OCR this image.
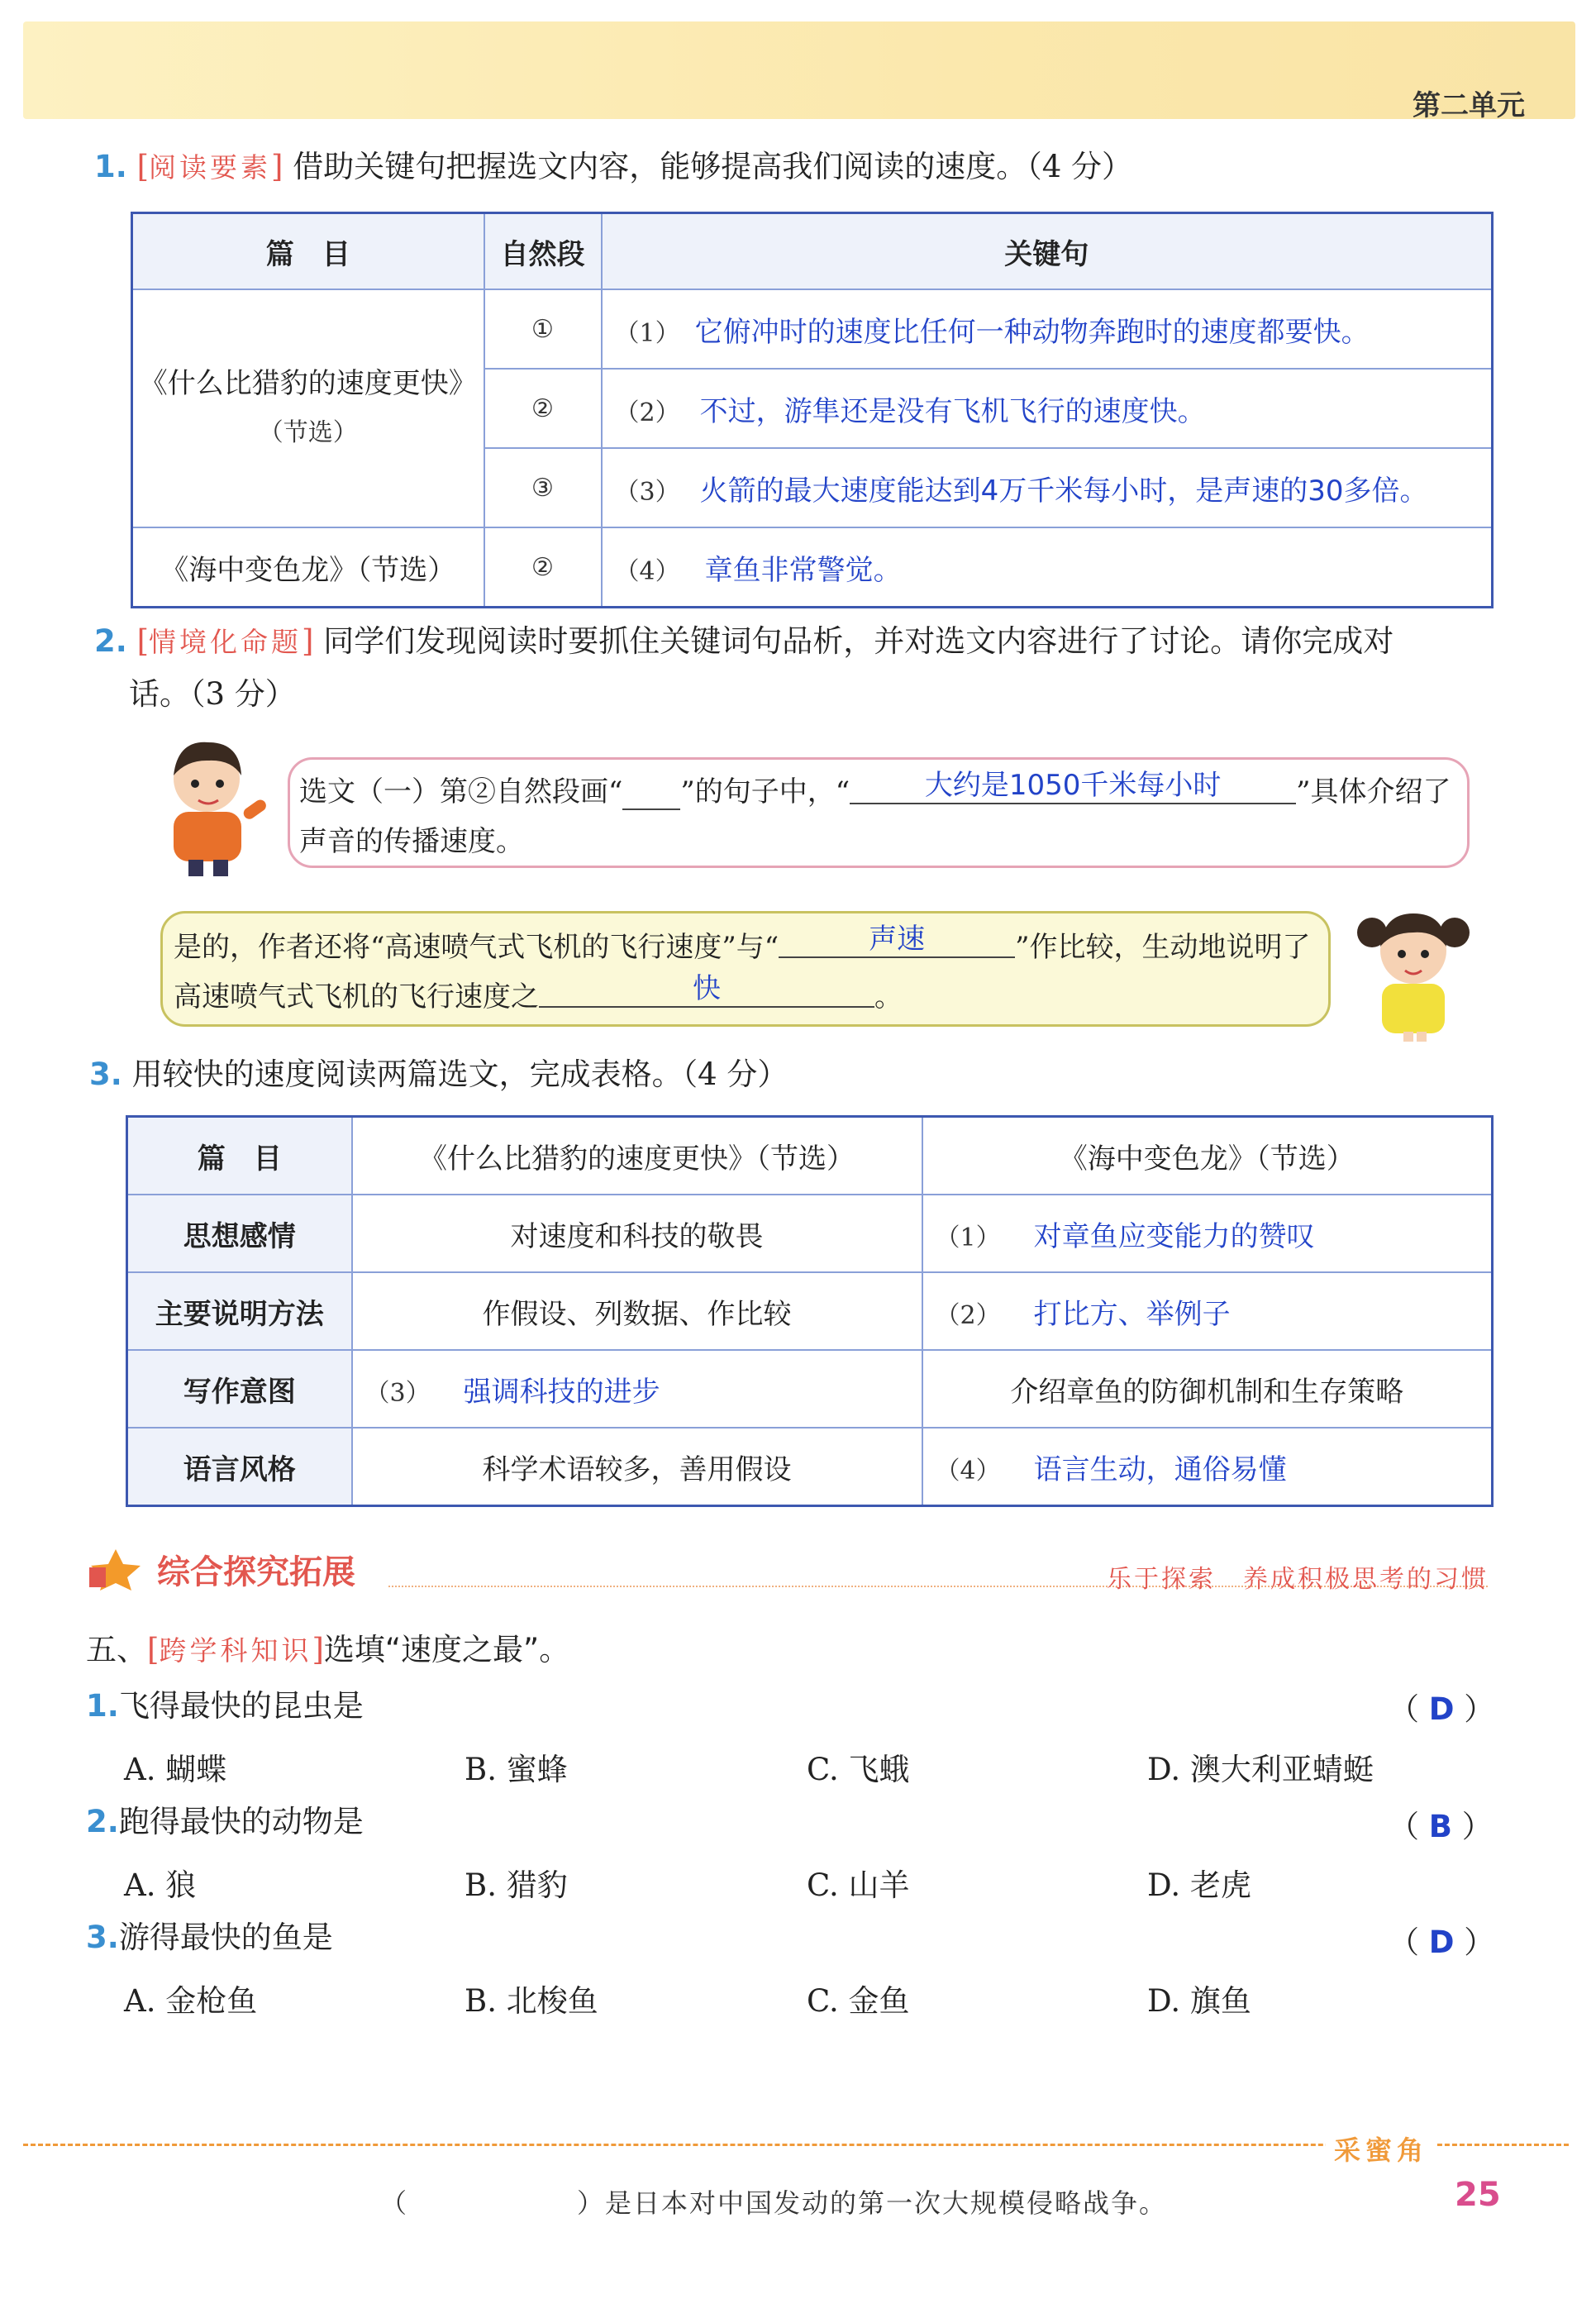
第二单元
1. [阅读要素] 借助关键句把握选文内容，能够提高我们阅读的速度。（4 分）
篇　目	自然段	关键句

《什么比猎豹的速度更快》
（节选）	①	（1） 它俯冲时的速度比任何一种动物奔跑时的速度都要快。
	②	（2） 不过，游隼还是没有飞机飞行的速度快。
	③	（3） 火箭的最大速度能达到4万千米每小时，是声速的30多倍。
《海中变色龙》（节选）	②	（4） 章鱼非常警觉。
2. [情境化命题] 同学们发现阅读时要抓住关键词句品析，并对选文内容进行了讨论。请你完成对
话。（3 分）
选文（一）第②自然段画“ ”的句子中，“	大约是1050千米每小时	”具体介绍了
声音的传播速度。
是的，作者还将“高速喷气式飞机的飞行速度”与“	声速	”作比较，生动地说明了
高速喷气式飞机的飞行速度之	快	。
3. 用较快的速度阅读两篇选文，完成表格。（4 分）
篇　目	《什么比猎豹的速度更快》（节选）	《海中变色龙》（节选）
思想感情	对速度和科技的敬畏	（1） 对章鱼应变能力的赞叹
主要说明方法	作假设、列数据、作比较	（2） 打比方、举例子
写作意图	（3） 强调科技的进步	介绍章鱼的防御机制和生存策略
语言风格	科学术语较多，善用假设	（4） 语言生动，通俗易懂
综合探究拓展	乐于探索　养成积极思考的习惯
五、[跨学科知识]选填“速度之最”。
1.飞得最快的昆虫是	（ D ）
A. 蝴蝶	B. 蜜蜂	C. 飞蛾	D. 澳大利亚蜻蜓
2.跑得最快的动物是	（ B ）
A. 狼	B. 猎豹	C. 山羊	D. 老虎
3.游得最快的鱼是	（ D ）
A. 金枪鱼	B. 北梭鱼	C. 金鱼	D. 旗鱼
采蜜角
（　　　　　　）是日本对中国发动的第一次大规模侵略战争。	25
